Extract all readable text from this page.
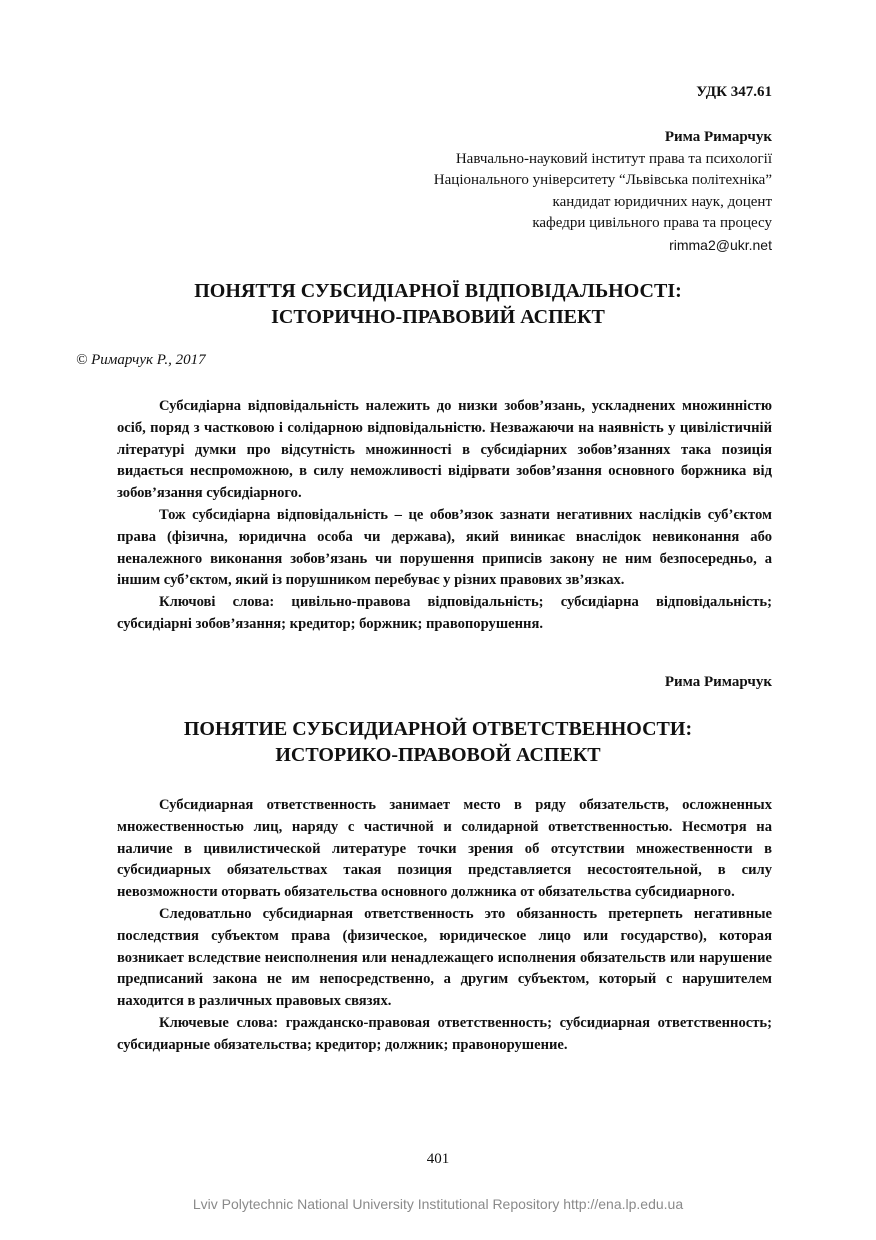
УДК 347.61
Рима Римарчук
Навчально-науковий інститут права та психології
Національного університету “Львівська політехніка”
кандидат юридичних наук, доцент
кафедри цивільного права та процесу
rimma2@ukr.net
ПОНЯТТЯ СУБСИДІАРНОЇ ВІДПОВІДАЛЬНОСТІ:
ІСТОРИЧНО-ПРАВОВИЙ АСПЕКТ
© Римарчук Р., 2017

Субсидіарна відповідальність належить до низки зобов’язань, ускладнених множинністю осіб, поряд з частковою і солідарною відповідальністю. Незважаючи на наявність у цивілістичній літературі думки про відсутність множинності в субсидіарних зобов’язаннях така позиція видається неспроможною, в силу неможливості відірвати зобов’язання основного боржника від зобов’язання субсидіарного.

Тож субсидіарна відповідальність – це обов’язок зазнати негативних наслідків суб’єктом права (фізична, юридична особа чи держава), який виникає внаслідок невиконання або неналежного виконання зобов’язань чи порушення приписів закону не ним безпосередньо, а іншим суб’єктом, який із порушником перебуває у різних правових зв’язках.

Ключові слова: цивільно-правова відповідальність; субсидіарна відповідальність; субсидіарні зобов’язання; кредитор; боржник; правопорушення.

Рима Римарчук
ПОНЯТИЕ СУБСИДИАРНОЙ ОТВЕТСТВЕННОСТИ:
ИСТОРИКО-ПРАВОВОЙ АСПЕКТ

Субсидиарная ответственность занимает место в ряду обязательств, осложненных множественностью лиц, наряду с частичной и солидарной ответственностью. Несмотря на наличие в цивилистической литературе точки зрения об отсутствии множественности в субсидиарных обязательствах такая позиция представляется несостоятельной, в силу невозможности оторвать обязательства основного должника от обязательства субсидиарного.

Следоватльно субсидиарная ответственность это обязанность претерпеть негативные последствия субъектом права (физическое, юридическое лицо или государство), которая возникает вследствие неисполнения или ненадлежащего исполнения обязательств или нарушение предписаний закона не им непосредственно, а другим субъектом, который с нарушителем находится в различных правовых связях.

Ключевые слова: гражданско-правовая ответственность; субсидиарная ответственность; субсидиарные обязательства; кредитор; должник; правонорушение.

401
Lviv Polytechnic National University Institutional Repository http://ena.lp.edu.ua
